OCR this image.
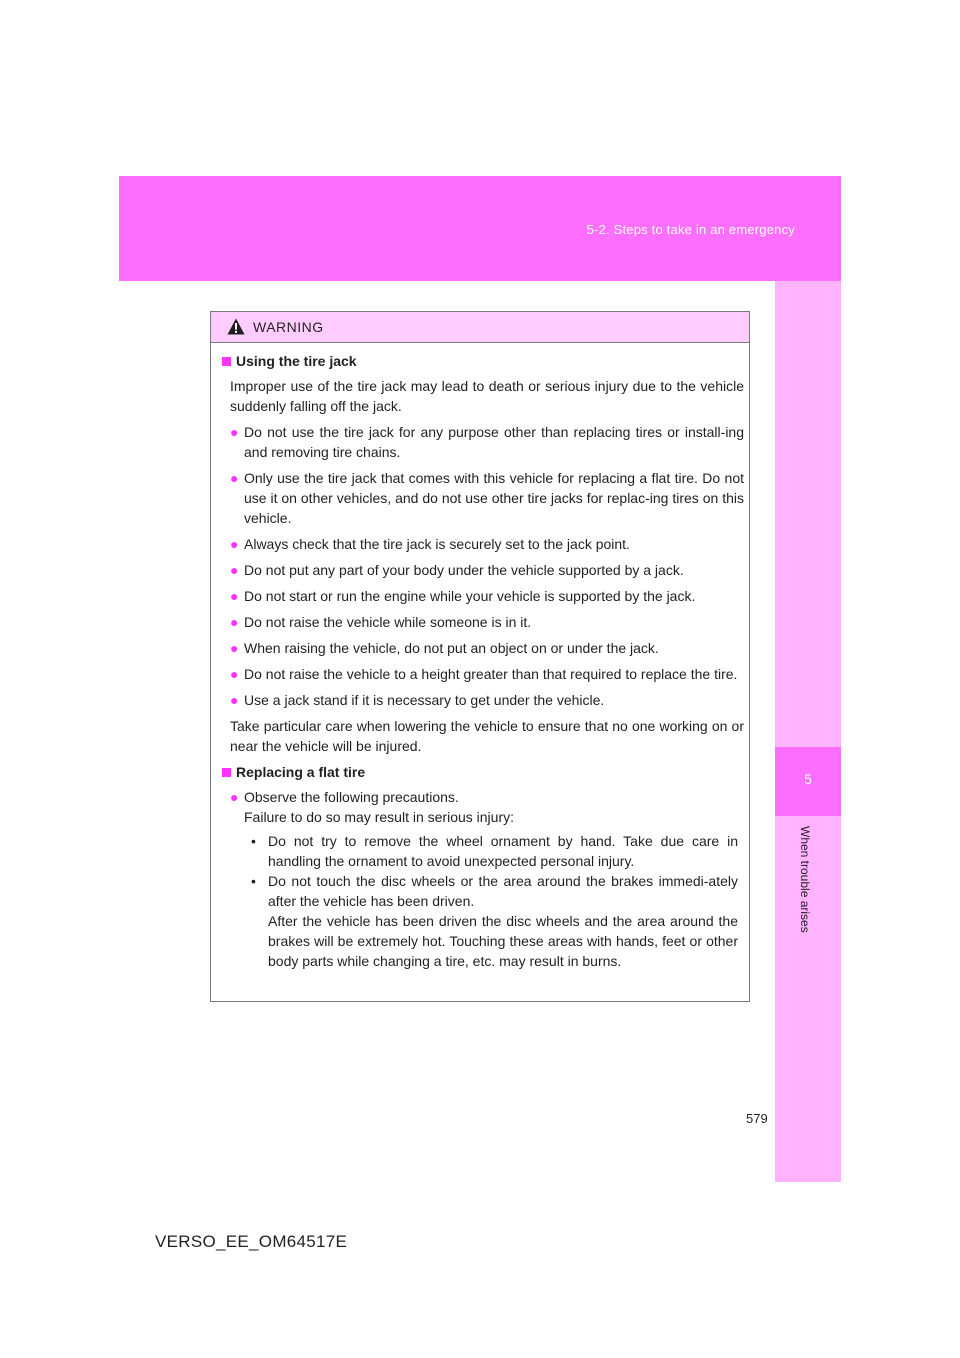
5-2. Steps to take in an emergency
5
When trouble arises
WARNING
Using the tire jack
Improper use of the tire jack may lead to death or serious injury due to the vehicle suddenly falling off the jack.
●
Do not use the tire jack for any purpose other than replacing tires or install-ing and removing tire chains.
●
Only use the tire jack that comes with this vehicle for replacing a flat tire. Do not use it on other vehicles, and do not use other tire jacks for replac-ing tires on this vehicle.
●
Always check that the tire jack is securely set to the jack point.
●
Do not put any part of your body under the vehicle supported by a jack.
●
Do not start or run the engine while your vehicle is supported by the jack.
●
Do not raise the vehicle while someone is in it.
●
When raising the vehicle, do not put an object on or under the jack.
●
Do not raise the vehicle to a height greater than that required to replace the tire.
●
Use a jack stand if it is necessary to get under the vehicle.
Take particular care when lowering the vehicle to ensure that no one working on or near the vehicle will be injured.
Replacing a flat tire
●
Observe the following precautions.
Failure to do so may result in serious injury:
• Do not try to remove the wheel ornament by hand. Take due care in handling the ornament to avoid unexpected personal injury.
• Do not touch the disc wheels or the area around the brakes immedi-ately after the vehicle has been driven.
After the vehicle has been driven the disc wheels and the area around the brakes will be extremely hot. Touching these areas with hands, feet or other body parts while changing a tire, etc. may result in burns.
579
VERSO_EE_OM64517E
